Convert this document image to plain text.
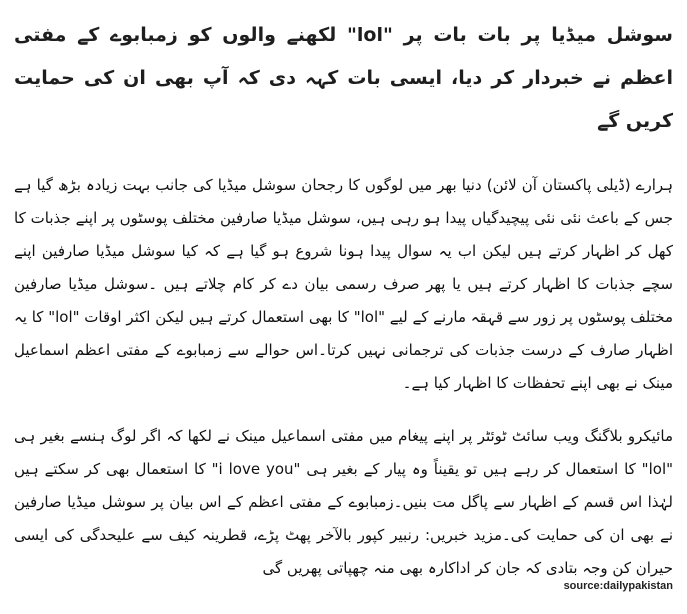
سوشل میڈیا پر بات بات پر "lol" لکھنے والوں کو زمبابوے کے مفتی اعظم نے خبردار کر دیا، ایسی بات کہہ دی کہ آپ بھی ان کی حمایت کریں گے

ہرارے (ڈیلی پاکستان آن لائن) دنیا بھر میں لوگوں کا رجحان سوشل میڈیا کی جانب بہت زیادہ بڑھ گیا ہے جس کے باعث نئی نئی پیچیدگیاں پیدا ہو رہی ہیں، سوشل میڈیا صارفین مختلف پوسٹوں پر اپنے جذبات کا کھل کر اظہار کرتے ہیں لیکن اب یہ سوال پیدا ہونا شروع ہو گیا ہے کہ کیا سوشل میڈیا صارفین اپنے سچے جذبات کا اظہار کرتے ہیں یا پھر صرف رسمی بیان دے کر کام چلاتے ہیں ۔سوشل میڈیا صارفین مختلف پوسٹوں پر زور سے قہقہ مارنے کے لیے "lol" کا بھی استعمال کرتے ہیں لیکن اکثر اوقات "lol" کا یہ اظہار صارف کے درست جذبات کی ترجمانی نہیں کرتا۔اس حوالے سے زمبابوے کے مفتی اعظم اسماعیل مینک نے بھی اپنے تحفظات کا اظہار کیا ہے۔

مائیکرو بلاگنگ ویب سائٹ ٹوئٹر پر اپنے پیغام میں مفتی اسماعیل مینک نے لکھا کہ اگر لوگ ہنسے بغیر ہی "lol" کا استعمال کر رہے ہیں تو یقیناً وہ پیار کے بغیر ہی "i love you" کا استعمال بھی کر سکتے ہیں لہٰذا اس قسم کے اظہار سے پاگل مت بنیں۔زمبابوے کے مفتی اعظم کے اس بیان پر سوشل میڈیا صارفین نے بھی ان کی حمایت کی۔مزید خبریں: رنبیر کپور بالآخر پھٹ پڑے، قطرینہ کیف سے علیحدگی کی ایسی حیران کن وجہ بتادی کہ جان کر اداکارہ بھی منہ چھپاتی پھریں گی

source:dailypakistan
